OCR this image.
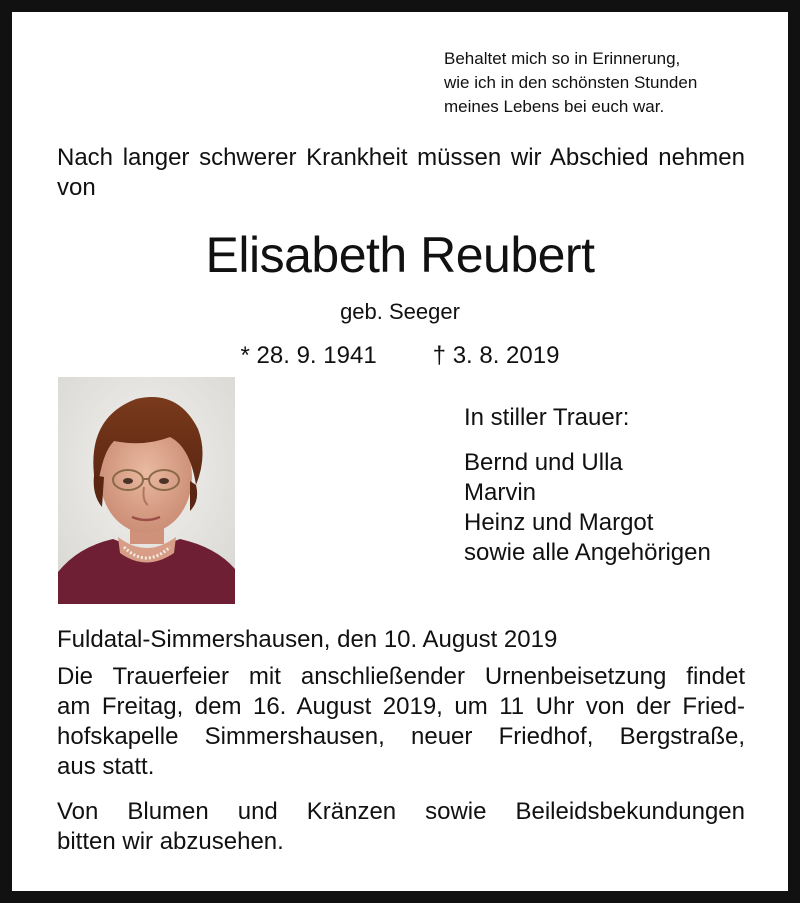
Behaltet mich so in Erinnerung,
wie ich in den schönsten Stunden
meines Lebens bei euch war.
Nach langer schwerer Krankheit müssen wir Abschied nehmen von
Elisabeth Reubert
geb. Seeger
* 28. 9. 1941 † 3. 8. 2019
In stiller Trauer:
Bernd und Ulla
Marvin
Heinz und Margot
sowie alle Angehörigen
Fuldatal-Simmershausen, den 10. August 2019
Die Trauerfeier mit anschließender Urnenbeisetzung findet
am Freitag, dem 16. August 2019, um 11 Uhr von der Fried-
hofskapelle Simmershausen, neuer Friedhof, Bergstraße,
aus statt.
Von Blumen und Kränzen sowie Beileidsbekundungen
bitten wir abzusehen.
